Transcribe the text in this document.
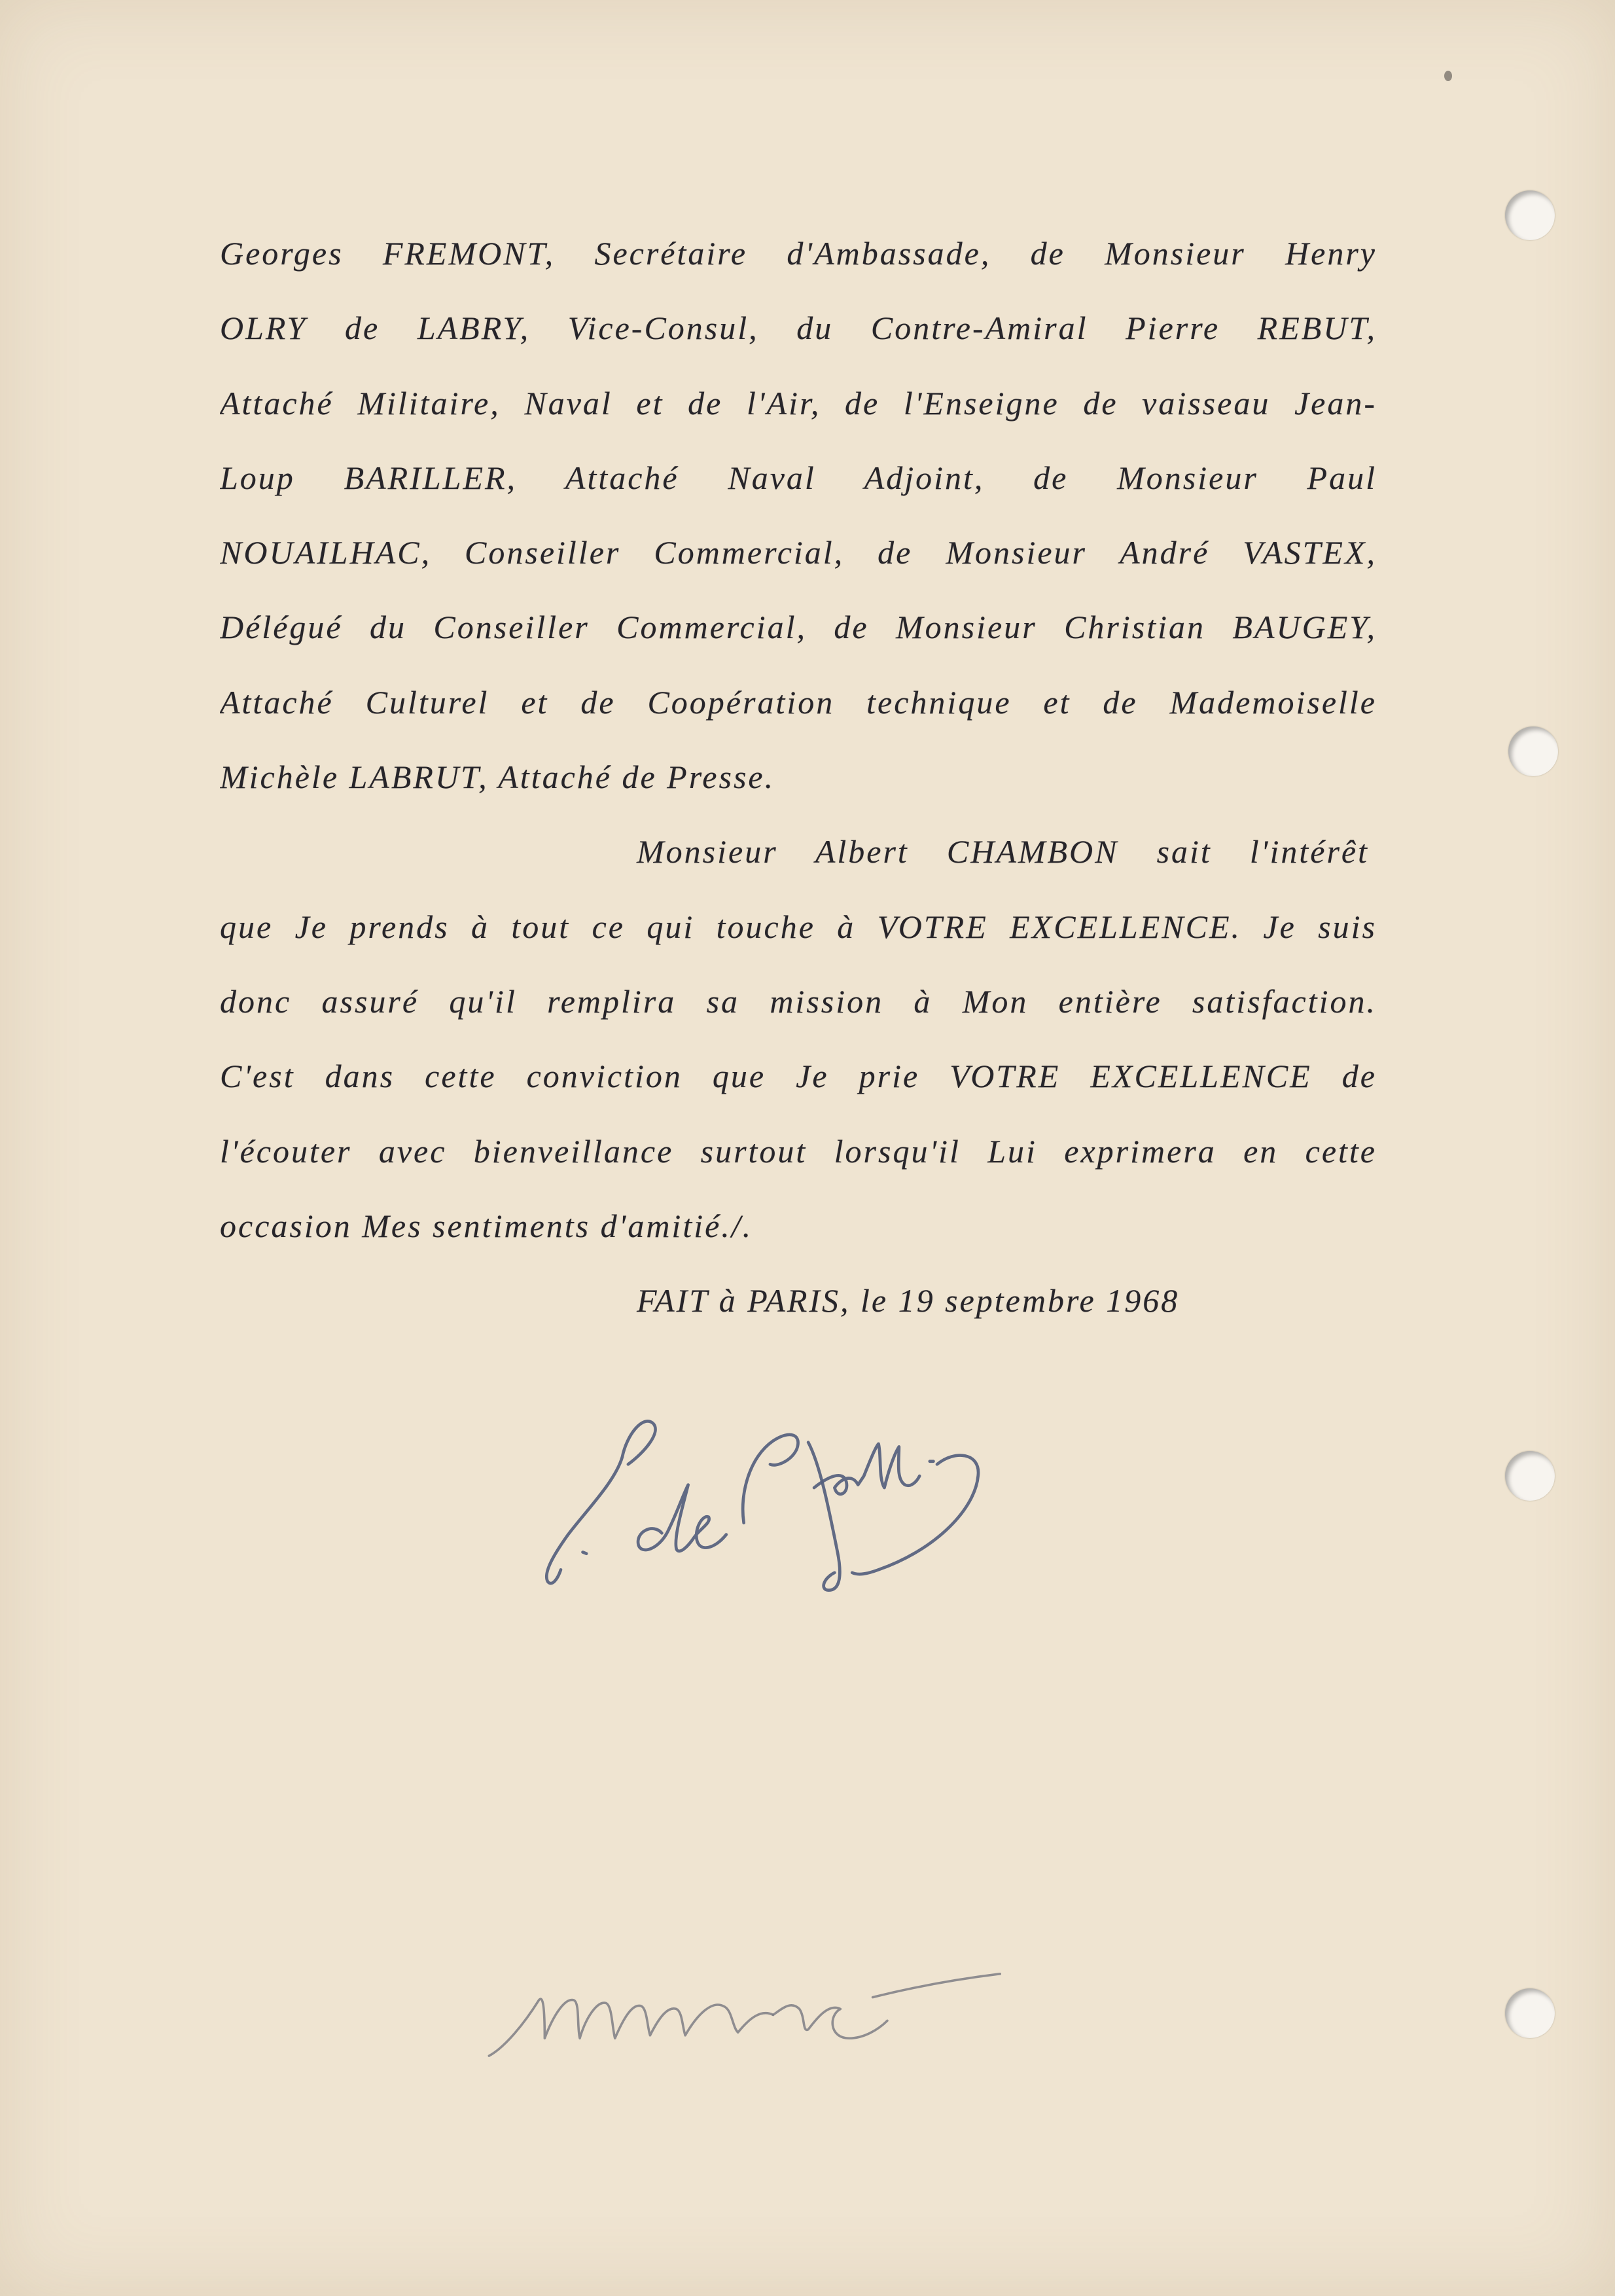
Georges FREMONT, Secrétaire d'Ambassade, de Monsieur Henry
OLRY de LABRY, Vice-Consul, du Contre-Amiral Pierre REBUT,
Attaché Militaire, Naval et de l'Air, de l'Enseigne de vaisseau Jean-
Loup BARILLER, Attaché Naval Adjoint, de Monsieur Paul
NOUAILHAC, Conseiller Commercial, de Monsieur André VASTEX,
Délégué du Conseiller Commercial, de Monsieur Christian BAUGEY,
Attaché Culturel et de Coopération technique et de Mademoiselle
Michèle LABRUT, Attaché de Presse.
Monsieur Albert CHAMBON sait l'intérêt
que Je prends à tout ce qui touche à VOTRE EXCELLENCE. Je suis
donc assuré qu'il remplira sa mission à Mon entière satisfaction.
C'est dans cette conviction que Je prie VOTRE EXCELLENCE de
l'écouter avec bienveillance surtout lorsqu'il Lui exprimera en cette
occasion Mes sentiments d'amitié./.
FAIT à PARIS, le 19 septembre 1968
